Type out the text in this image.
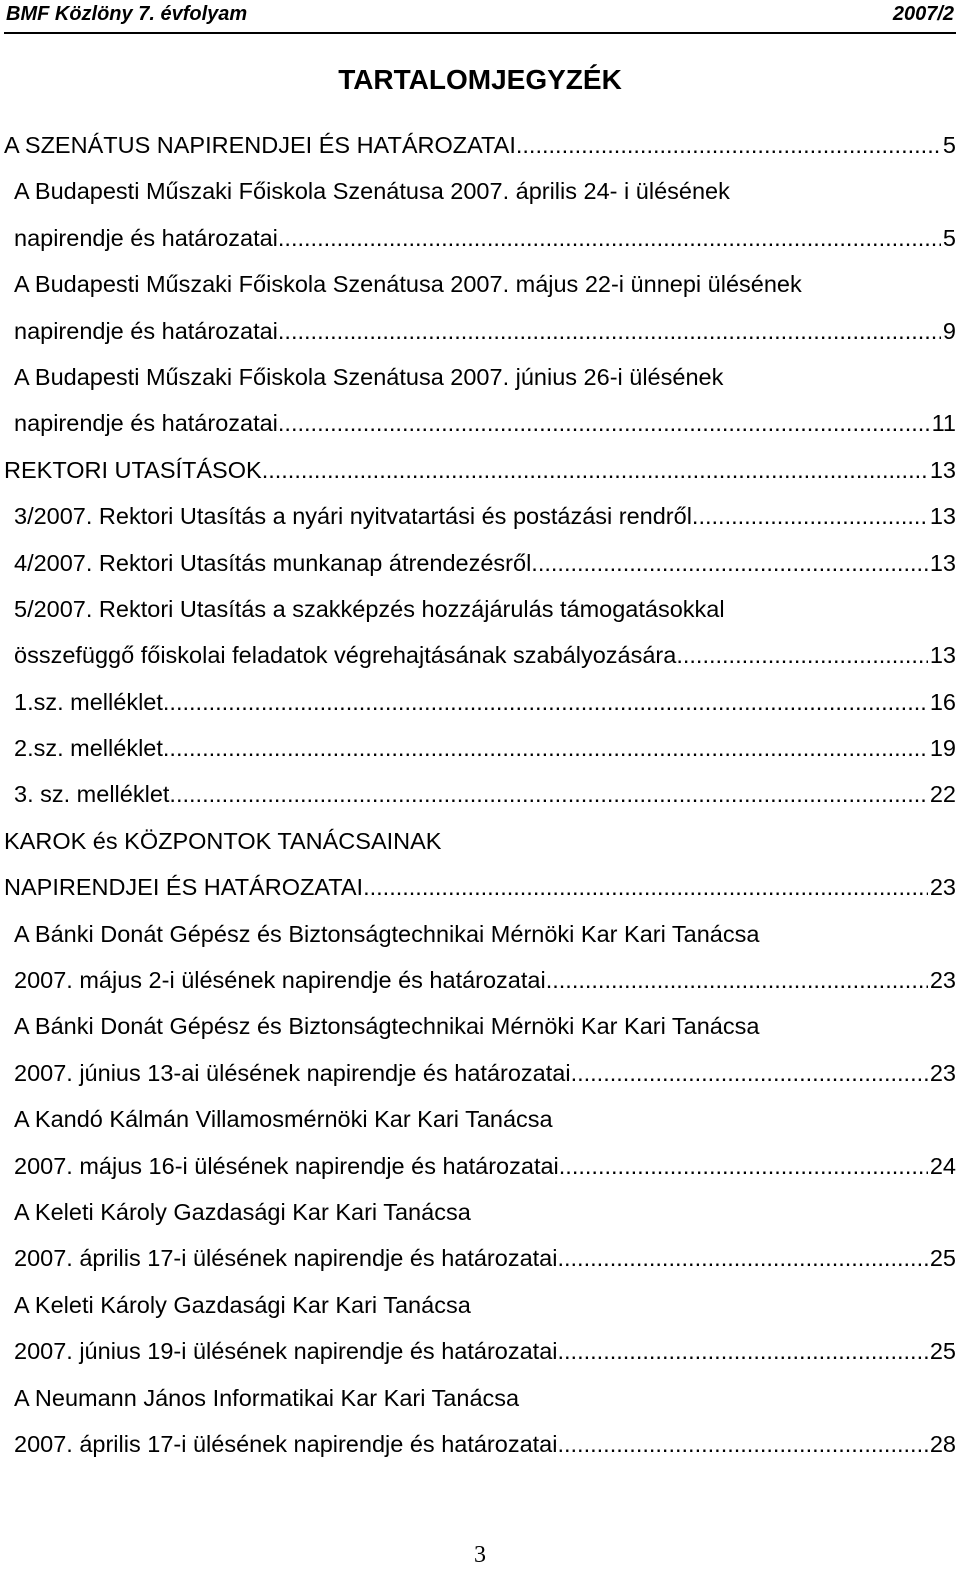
BMF Közlöny 7. évfolyam	2007/2
TARTALOMJEGYZÉK
A SZENÁTUS NAPIRENDJEI ÉS HATÁROZATAI .....	5
A Budapesti Műszaki Főiskola Szenátusa 2007. április 24- i ülésének
napirendje és határozatai .....	5
A Budapesti Műszaki Főiskola Szenátusa 2007. május 22-i ünnepi ülésének
napirendje és határozatai .....	9
A Budapesti Műszaki Főiskola Szenátusa 2007. június 26-i ülésének
napirendje és határozatai .....	11
REKTORI UTASÍTÁSOK .....	13
3/2007. Rektori Utasítás a nyári nyitvatartási és postázási rendről .....	13
4/2007. Rektori Utasítás munkanap átrendezésről .....	13
5/2007. Rektori Utasítás a szakképzés hozzájárulás támogatásokkal
összefüggő főiskolai feladatok végrehajtásának szabályozására .....	13
1.sz. melléklet .....	16
2.sz. melléklet .....	19
3. sz. melléklet .....	22
KAROK és KÖZPONTOK TANÁCSAINAK
NAPIRENDJEI ÉS HATÁROZATAI .....	23
A Bánki Donát Gépész és Biztonságtechnikai Mérnöki Kar Kari Tanácsa
2007. május 2-i ülésének napirendje és határozatai .....	23
A Bánki Donát Gépész és Biztonságtechnikai Mérnöki Kar Kari Tanácsa
2007. június 13-ai ülésének napirendje és határozatai .....	23
A Kandó Kálmán Villamosmérnöki Kar Kari Tanácsa
2007. május 16-i ülésének napirendje és határozatai .....	24
A Keleti Károly Gazdasági Kar Kari Tanácsa
2007. április 17-i ülésének napirendje és határozatai .....	25
A Keleti Károly Gazdasági Kar Kari Tanácsa
2007. június 19-i ülésének napirendje és határozatai .....	25
A Neumann János Informatikai Kar Kari Tanácsa
2007. április 17-i ülésének napirendje és határozatai .....	28
3
